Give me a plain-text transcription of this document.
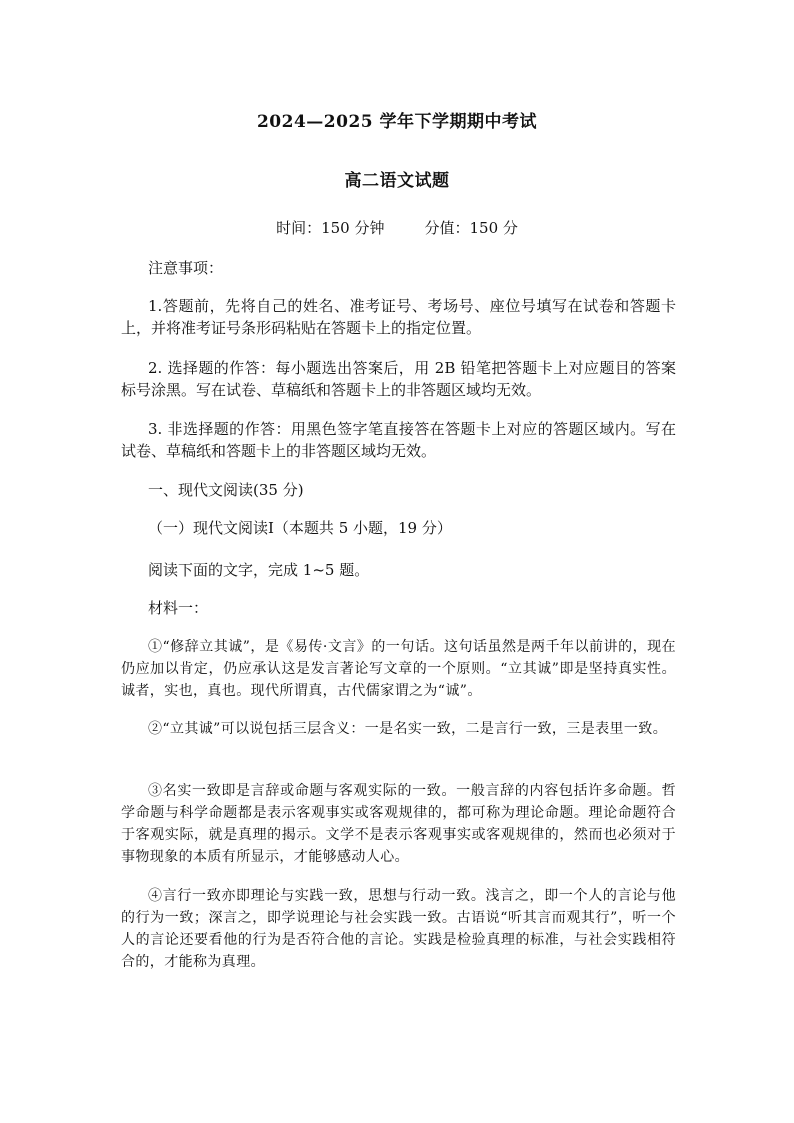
2024—2025 学年下学期期中考试
高二语文试题
时间：150 分钟	分值：150 分
注意事项：
1.答题前，先将自己的姓名、准考证号、考场号、座位号填写在试卷和答题卡上，并将准考证号条形码粘贴在答题卡上的指定位置。
2. 选择题的作答：每小题选出答案后，用 2B 铅笔把答题卡上对应题目的答案标号涂黑。写在试卷、草稿纸和答题卡上的非答题区域均无效。
3. 非选择题的作答：用黑色签字笔直接答在答题卡上对应的答题区域内。写在试卷、草稿纸和答题卡上的非答题区域均无效。
一、现代文阅读(35 分)
（一）现代文阅读Ⅰ（本题共 5 小题，19 分）
阅读下面的文字，完成 1~5 题。
材料一：
①“修辞立其诚”，是《易传·文言》的一句话。这句话虽然是两千年以前讲的，现在仍应加以肯定，仍应承认这是发言著论写文章的一个原则。“立其诚”即是坚持真实性。诚者，实也，真也。现代所谓真，古代儒家谓之为“诚”。
②“立其诚”可以说包括三层含义：一是名实一致，二是言行一致，三是表里一致。
③名实一致即是言辞或命题与客观实际的一致。一般言辞的内容包括许多命题。哲学命题与科学命题都是表示客观事实或客观规律的，都可称为理论命题。理论命题符合于客观实际，就是真理的揭示。文学不是表示客观事实或客观规律的，然而也必须对于事物现象的本质有所显示，才能够感动人心。
④言行一致亦即理论与实践一致，思想与行动一致。浅言之，即一个人的言论与他的行为一致；深言之，即学说理论与社会实践一致。古语说“听其言而观其行”，听一个人的言论还要看他的行为是否符合他的言论。实践是检验真理的标准，与社会实践相符合的，才能称为真理。
